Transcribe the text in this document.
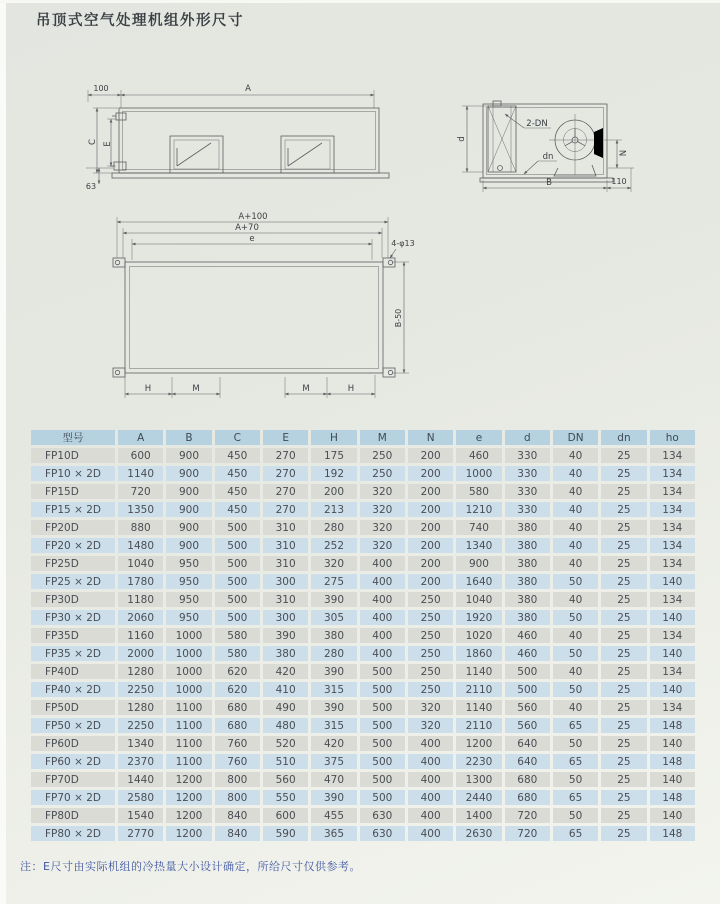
吊顶式空气处理机组外形尺寸
100	A
C E
63
2-DN
dn
d
N
B	110
A+100
A+70
e	4-φ13
B-50
H	M	M	H
型号	A	B	C	E	H	M	N	e	d	DN	dn	ho
FP10D	600	900	450	270	175	250	200	460	330	40	25	134
FP10 × 2D	1140	900	450	270	192	250	200	1000	330	40	25	134
FP15D	720	900	450	270	200	320	200	580	330	40	25	134
FP15 × 2D	1350	900	450	270	213	320	200	1210	330	40	25	134
FP20D	880	900	500	310	280	320	200	740	380	40	25	134
FP20 × 2D	1480	900	500	310	252	320	200	1340	380	40	25	134
FP25D	1040	950	500	310	320	400	200	900	380	40	25	134
FP25 × 2D	1780	950	500	300	275	400	200	1640	380	50	25	140
FP30D	1180	950	500	310	390	400	250	1040	380	40	25	134
FP30 × 2D	2060	950	500	300	305	400	250	1920	380	50	25	140
FP35D	1160	1000	580	390	380	400	250	1020	460	40	25	134
FP35 × 2D	2000	1000	580	380	280	400	250	1860	460	50	25	140
FP40D	1280	1000	620	420	390	500	250	1140	500	40	25	134
FP40 × 2D	2250	1000	620	410	315	500	250	2110	500	50	25	140
FP50D	1280	1100	680	490	390	500	320	1140	560	40	25	134
FP50 × 2D	2250	1100	680	480	315	500	320	2110	560	65	25	148
FP60D	1340	1100	760	520	420	500	400	1200	640	50	25	140
FP60 × 2D	2370	1100	760	510	375	500	400	2230	640	65	25	148
FP70D	1440	1200	800	560	470	500	400	1300	680	50	25	140
FP70 × 2D	2580	1200	800	550	390	500	400	2440	680	65	25	148
FP80D	1540	1200	840	600	455	630	400	1400	720	50	25	140
FP80 × 2D	2770	1200	840	590	365	630	400	2630	720	65	25	148

注：E尺寸由实际机组的冷热量大小设计确定，所给尺寸仅供参考。
